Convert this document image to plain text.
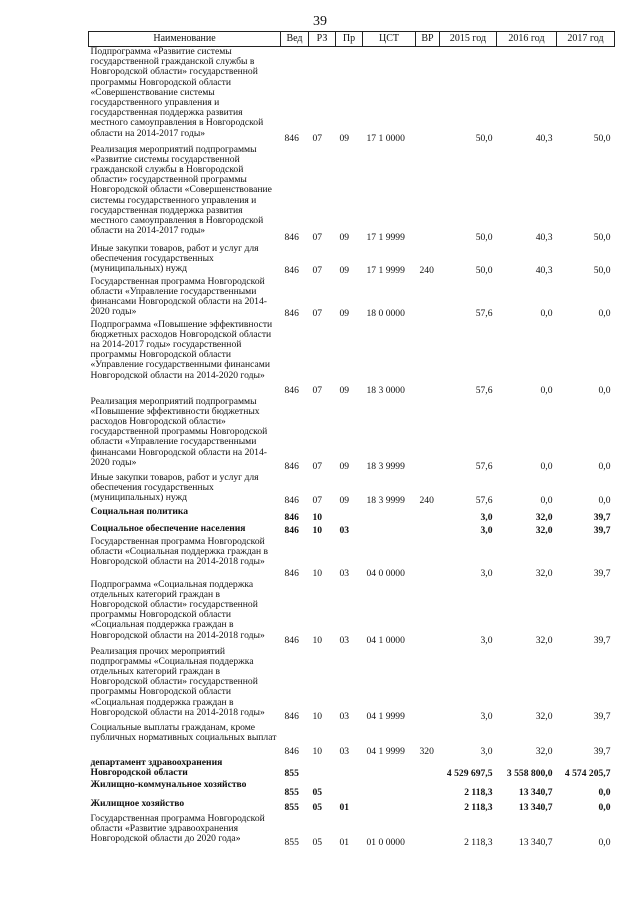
39
Наименование	Вед	РЗ	Пр	ЦСТ	ВР	2015 год	2016 год	2017 год
Подпрограмма «Развитие системы государственной гражданской службы в Новгородской области» государственной программы Новгородской области «Совершенствование системы государственного управления и государственная поддержка развития местного самоуправления в Новгородской области на 2014-2017 годы»	846	07	09	17 1 0000		50,0	40,3	50,0
Реализация мероприятий подпрограммы «Развитие системы государственной гражданской службы в Новгородской области» государственной программы Новгородской области «Совершенствование системы государственного управления и государственная поддержка развития местного самоуправления в Новгородской области на 2014-2017 годы»	846	07	09	17 1 9999		50,0	40,3	50,0
Иные закупки товаров, работ и услуг для обеспечения государственных (муниципальных) нужд	846	07	09	17 1 9999	240	50,0	40,3	50,0
Государственная программа Новгородской области «Управление государственными финансами Новгородской области на 2014-2020 годы»	846	07	09	18 0 0000		57,6	0,0	0,0
Подпрограмма «Повышение эффективности бюджетных расходов Новгородской области на 2014-2017 годы» государственной программы Новгородской области «Управление государственными финансами Новгородской области на 2014-2020 годы»	846	07	09	18 3 0000		57,6	0,0	0,0
Реализация мероприятий подпрограммы «Повышение эффективности бюджетных расходов Новгородской области» государственной программы Новгородской области «Управление государственными финансами Новгородской области на 2014-2020 годы»	846	07	09	18 3 9999		57,6	0,0	0,0
Иные закупки товаров, работ и услуг для обеспечения государственных (муниципальных) нужд	846	07	09	18 3 9999	240	57,6	0,0	0,0
Социальная политика	846	10				3,0	32,0	39,7
Социальное обеспечение населения	846	10	03			3,0	32,0	39,7
Государственная программа Новгородской области «Социальная поддержка граждан в Новгородской области на 2014-2018 годы»	846	10	03	04 0 0000		3,0	32,0	39,7
Подпрограмма «Социальная поддержка отдельных категорий граждан в Новгородской области» государственной программы Новгородской области «Социальная поддержка граждан в Новгородской области на 2014-2018 годы»	846	10	03	04 1 0000		3,0	32,0	39,7
Реализация прочих мероприятий подпрограммы «Социальная поддержка отдельных категорий граждан в Новгородской области» государственной программы Новгородской области «Социальная поддержка граждан в Новгородской области на 2014-2018 годы»	846	10	03	04 1 9999		3,0	32,0	39,7
Социальные выплаты гражданам, кроме публичных нормативных социальных выплат	846	10	03	04 1 9999	320	3,0	32,0	39,7
департамент здравоохранения Новгородской области	855					4 529 697,5	3 558 800,0	4 574 205,7
Жилищно-коммунальное хозяйство	855	05				2 118,3	13 340,7	0,0
Жилищное хозяйство	855	05	01			2 118,3	13 340,7	0,0
Государственная программа Новгородской области «Развитие здравоохранения Новгородской области до 2020 года»	855	05	01	01 0 0000		2 118,3	13 340,7	0,0
